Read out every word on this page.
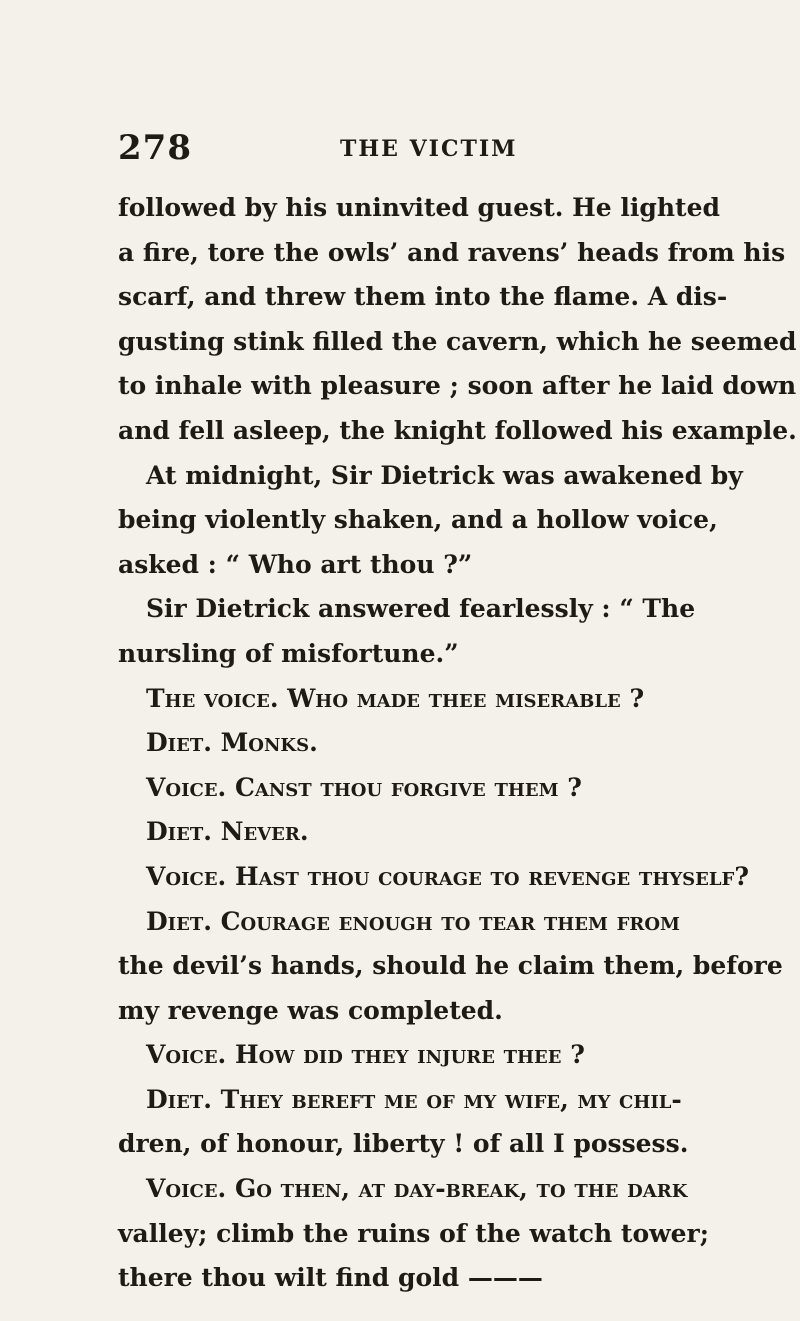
278	THE VICTIM
followed by his uninvited guest. He lighted
a fire, tore the owls’ and ravens’ heads from his
scarf, and threw them into the flame. A dis-
gusting stink filled the cavern, which he seemed
to inhale with pleasure ; soon after he laid down
and fell asleep, the knight followed his example.
At midnight, Sir Dietrick was awakened by
being violently shaken, and a hollow voice,
asked : “ Who art thou ?”
Sir Dietrick answered fearlessly : “ The
nursling of misfortune.”
The voice. Who made thee miserable ?
Diet. Monks.
Voice. Canst thou forgive them ?
Diet. Never.
Voice. Hast thou courage to revenge thyself?
Diet. Courage enough to tear them from
the devil’s hands, should he claim them, before
my revenge was completed.
Voice. How did they injure thee ?
Diet. They bereft me of my wife, my chil-
dren, of honour, liberty ! of all I possess.
Voice. Go then, at day-break, to the dark
valley; climb the ruins of the watch tower;
there thou wilt find gold ———
